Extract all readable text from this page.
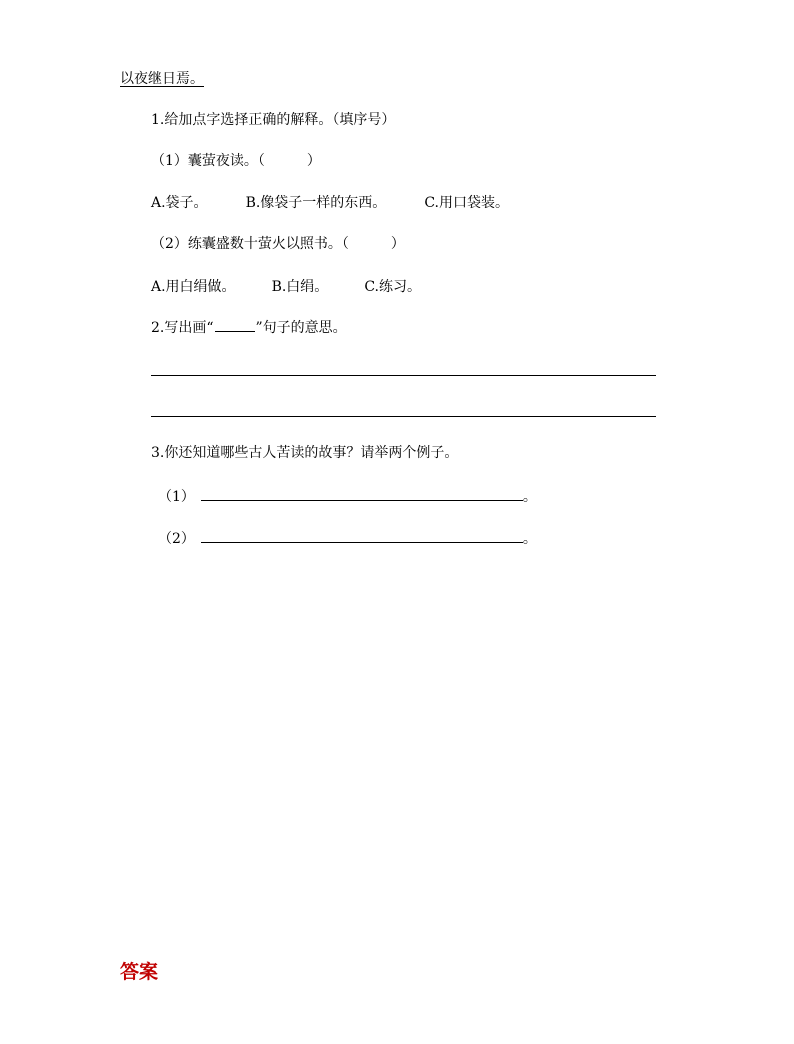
以夜继日焉。
1.给加点字选择正确的解释。（填序号）
（1）囊萤夜读。（　　　）
A.袋子。	B.像袋子一样的东西。	C.用口袋装。
（2）练囊盛数十萤火以照书。（　　　）
A.用白绢做。	B.白绢。	C.练习。
2.写出画“	”句子的意思。
3.你还知道哪些古人苦读的故事？请举两个例子。
（1）	。
（2）	。
答案
